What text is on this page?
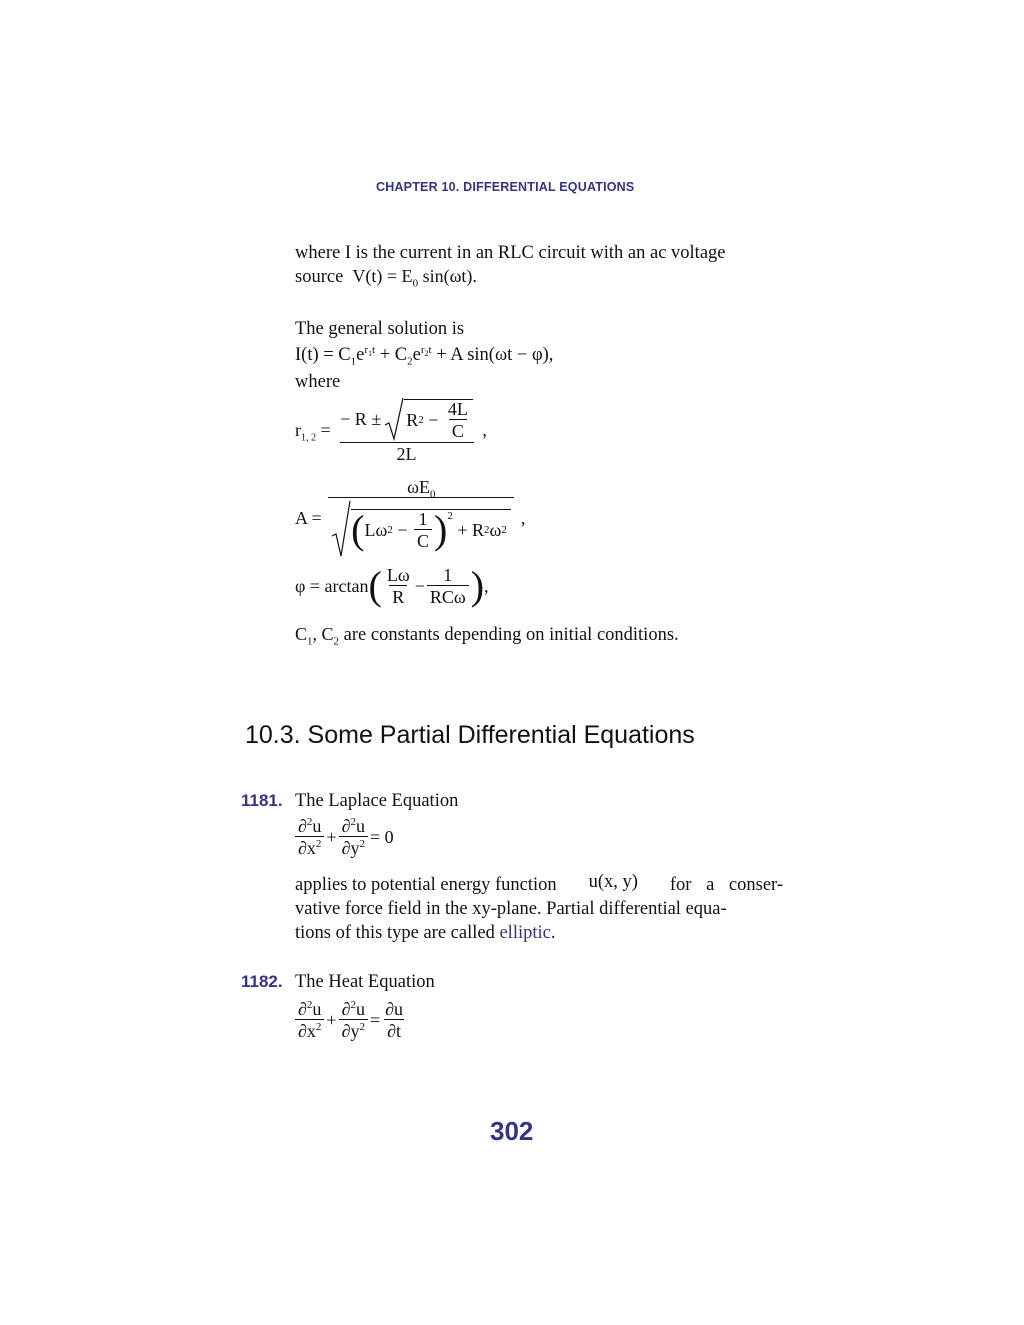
CHAPTER 10. DIFFERENTIAL EQUATIONS
where I is the current in an RLC circuit with an ac voltage
source  $V(t) = E_0$ sin(ωt).
The general solution is
$I(t) = C_1e^{r_1t} + C_2e^{r_2t} + A$ sin(ωt − φ),
where
$r_{1, 2} = \frac{- R \pm R 2 - \frac{4L}{C}}{2L}$ ,
$A = \omega E_0$
( Lω $2 - \frac{1}{C}$ ) 2
+ R 2 ω 2
,
φ = arctan ( $\frac{L\omega}{R} - \frac{1}{\text{RCω}}$ ) ,
$C_1$, $C_2$ are constants depending on initial conditions.
10.3. Some Partial Differential Equations
1181. The Laplace Equation
$\frac{\partial^2u}{\partial x^2} + \frac{\partial^2u}{\partial y^2} = 0$
applies to potential energy function u(x, y) for a conser-
vative force field in the xy-plane. Partial differential equa-
tions of this type are called elliptic.
1182. The Heat Equation
$\frac{\partial^2u}{\partial x^2} + \frac{\partial^2u}{\partial y^2} = \frac{\partial u}{\partial t}$
302
